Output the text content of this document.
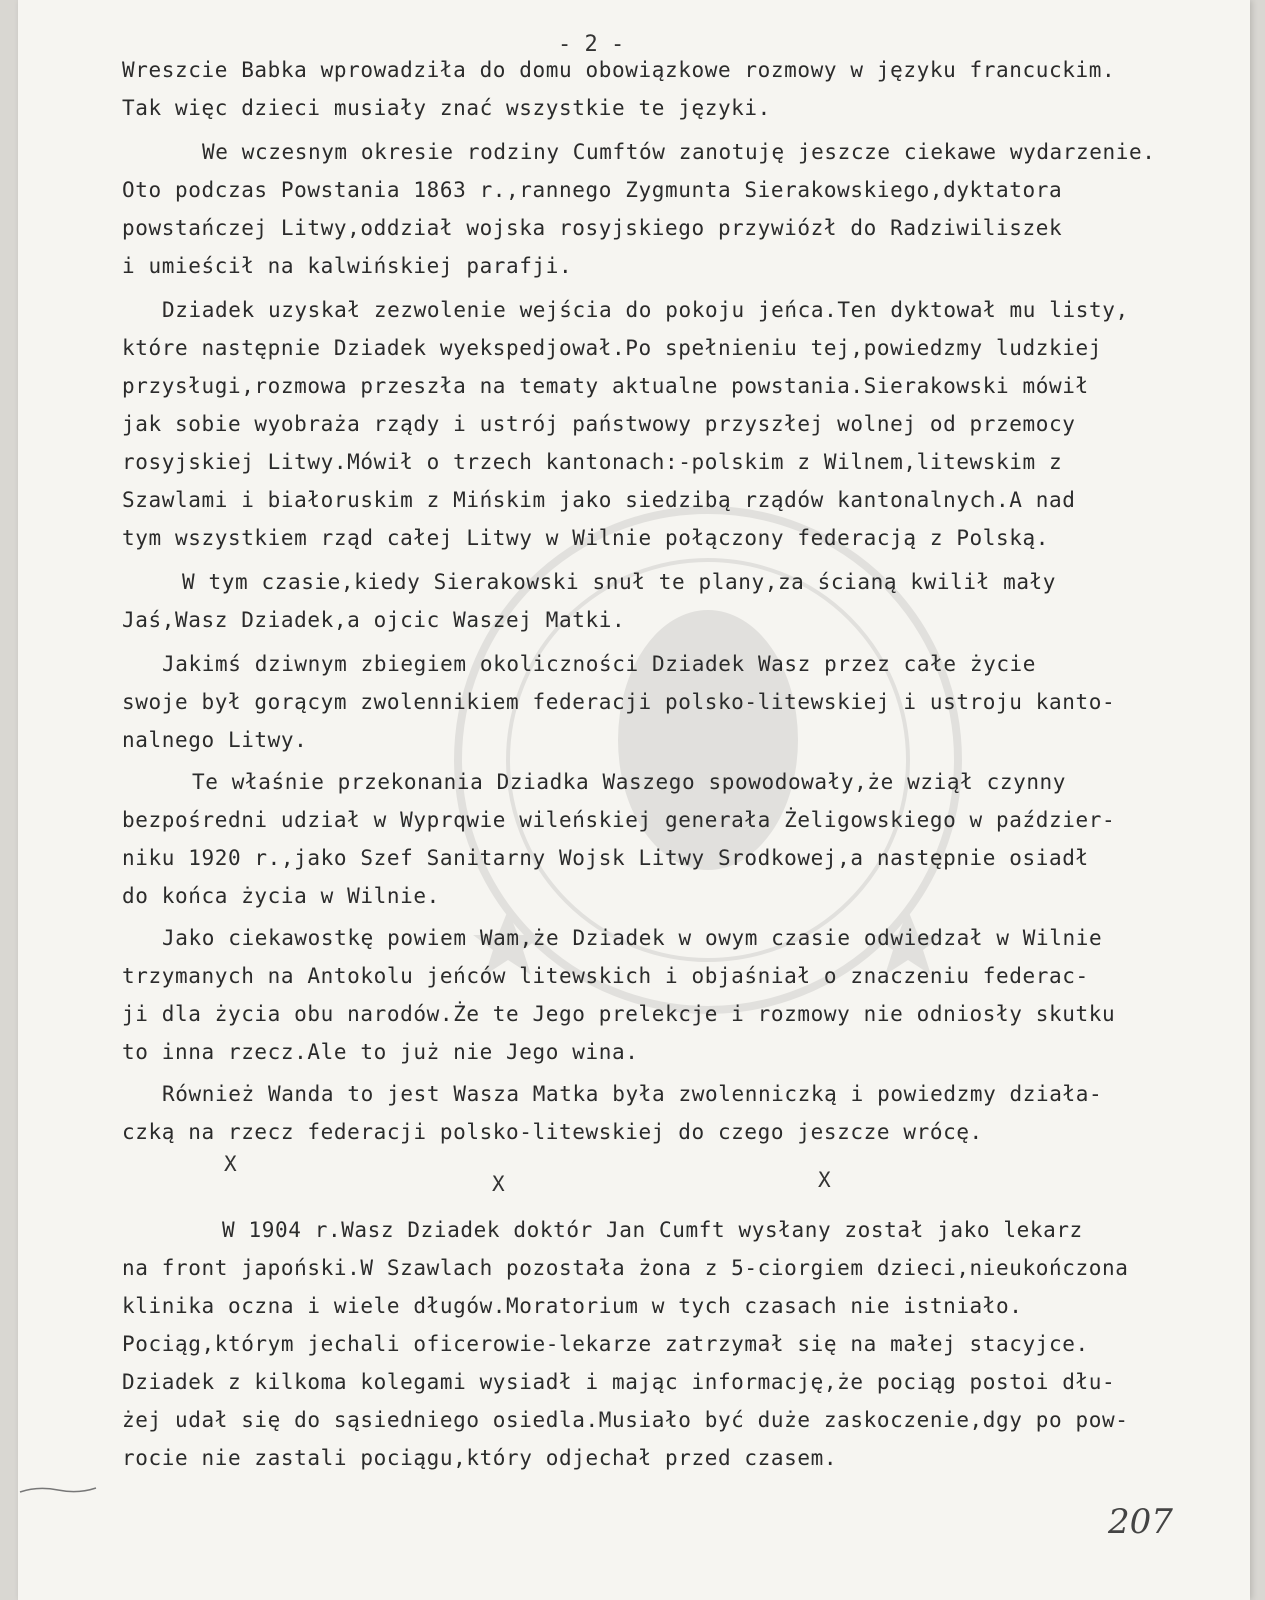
- 2 -
Wreszcie Babka wprowadziła do domu obowiązkowe rozmowy w języku francuckim.
Tak więc dzieci musiały znać wszystkie te języki.
We wczesnym okresie rodziny Cumftów zanotuję jeszcze ciekawe wydarzenie.
Oto podczas Powstania 1863 r.,rannego Zygmunta Sierakowskiego,dyktatora
powstańczej Litwy,oddział wojska rosyjskiego przywiózł do Radziwiliszek
i umieścił na kalwińskiej parafji.
Dziadek uzyskał zezwolenie wejścia do pokoju jeńca.Ten dyktował mu listy,
które następnie Dziadek wyekspedjował.Po spełnieniu tej,powiedzmy ludzkiej
przysługi,rozmowa przeszła na tematy aktualne powstania.Sierakowski mówił
jak sobie wyobraża rządy i ustrój państwowy przyszłej wolnej od przemocy
rosyjskiej Litwy.Mówił o trzech kantonach:-polskim z Wilnem,litewskim z
Szawlami i białoruskim z Mińskim jako siedzibą rządów kantonalnych.A nad
tym wszystkiem rząd całej Litwy w Wilnie połączony federacją z Polską.
W tym czasie,kiedy Sierakowski snuł te plany,za ścianą kwilił mały
Jaś,Wasz Dziadek,a ojcic Waszej Matki.
Jakimś dziwnym zbiegiem okoliczności Dziadek Wasz przez całe życie
swoje był gorącym zwolennikiem federacji polsko-litewskiej i ustroju kanto-
nalnego Litwy.
Te właśnie przekonania Dziadka Waszego spowodowały,że wziął czynny
bezpośredni udział w Wyprqwie wileńskiej generała Żeligowskiego w paździer-
niku 1920 r.,jako Szef Sanitarny Wojsk Litwy Srodkowej,a następnie osiadł
do końca życia w Wilnie.
Jako ciekawostkę powiem Wam,że Dziadek w owym czasie odwiedzał w Wilnie
trzymanych na Antokolu jeńców litewskich i objaśniał o znaczeniu federac-
ji dla życia obu narodów.Że te Jego prelekcje i rozmowy nie odniosły skutku
to inna rzecz.Ale to już nie Jego wina.
Również Wanda to jest Wasza Matka była zwolenniczką i powiedzmy działa-
czką na rzecz federacji polsko-litewskiej do czego jeszcze wrócę.
W 1904 r.Wasz Dziadek doktór Jan Cumft wysłany został jako lekarz
na front japoński.W Szawlach pozostała żona z 5-ciorgiem dzieci,nieukończona
klinika oczna i wiele długów.Moratorium w tych czasach nie istniało.
Pociąg,którym jechali oficerowie-lekarze zatrzymał się na małej stacyjce.
Dziadek z kilkoma kolegami wysiadł i mając informację,że pociąg postoi dłu-
żej udał się do sąsiedniego osiedla.Musiało być duże zaskoczenie,dgy po pow-
rocie nie zastali pociągu,który odjechał przed czasem.
X
X	X
207
